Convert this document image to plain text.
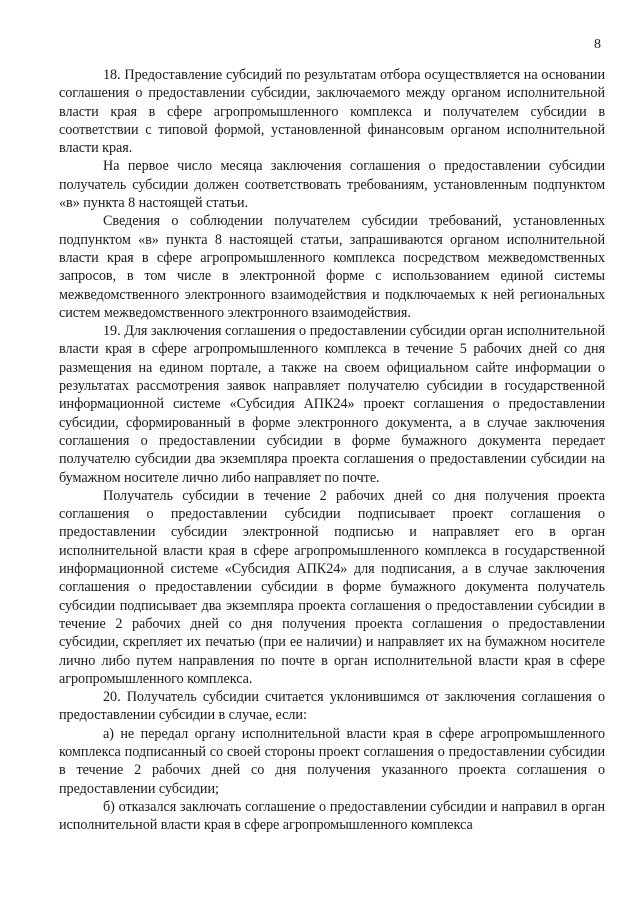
8

18. Предоставление субсидий по результатам отбора осуществляется на основании соглашения о предоставлении субсидии, заключаемого между органом исполнительной власти края в сфере агропромышленного комплекса и получателем субсидии в соответствии с типовой формой, установленной финансовым органом исполнительной власти края.

На первое число месяца заключения соглашения о предоставлении субсидии получатель субсидии должен соответствовать требованиям, установленным подпунктом «в» пункта 8 настоящей статьи.

Сведения о соблюдении получателем субсидии требований, установленных подпунктом «в» пункта 8 настоящей статьи, запрашиваются органом исполнительной власти края в сфере агропромышленного комплекса посредством межведомственных запросов, в том числе в электронной форме с использованием единой системы межведомственного электронного взаимодействия и подключаемых к ней региональных систем межведомственного электронного взаимодействия.

19. Для заключения соглашения о предоставлении субсидии орган исполнительной власти края в сфере агропромышленного комплекса в течение 5 рабочих дней со дня размещения на едином портале, а также на своем официальном сайте информации о результатах рассмотрения заявок направляет получателю субсидии в государственной информационной системе «Субсидия АПК24» проект соглашения о предоставлении субсидии, сформированный в форме электронного документа, а в случае заключения соглашения о предоставлении субсидии в форме бумажного документа передает получателю субсидии два экземпляра проекта соглашения о предоставлении субсидии на бумажном носителе лично либо направляет по почте.

Получатель субсидии в течение 2 рабочих дней со дня получения проекта соглашения о предоставлении субсидии подписывает проект соглашения о предоставлении субсидии электронной подписью и направляет его в орган исполнительной власти края в сфере агропромышленного комплекса в государственной информационной системе «Субсидия АПК24» для подписания, а в случае заключения соглашения о предоставлении субсидии в форме бумажного документа получатель субсидии подписывает два экземпляра проекта соглашения о предоставлении субсидии в течение 2 рабочих дней со дня получения проекта соглашения о предоставлении субсидии, скрепляет их печатью (при ее наличии) и направляет их на бумажном носителе лично либо путем направления по почте в орган исполнительной власти края в сфере агропромышленного комплекса.

20. Получатель субсидии считается уклонившимся от заключения соглашения о предоставлении субсидии в случае, если:

а) не передал органу исполнительной власти края в сфере агропромышленного комплекса подписанный со своей стороны проект соглашения о предоставлении субсидии в течение 2 рабочих дней со дня получения указанного проекта соглашения о предоставлении субсидии;

б) отказался заключать соглашение о предоставлении субсидии и направил в орган исполнительной власти края в сфере агропромышленного комплекса
